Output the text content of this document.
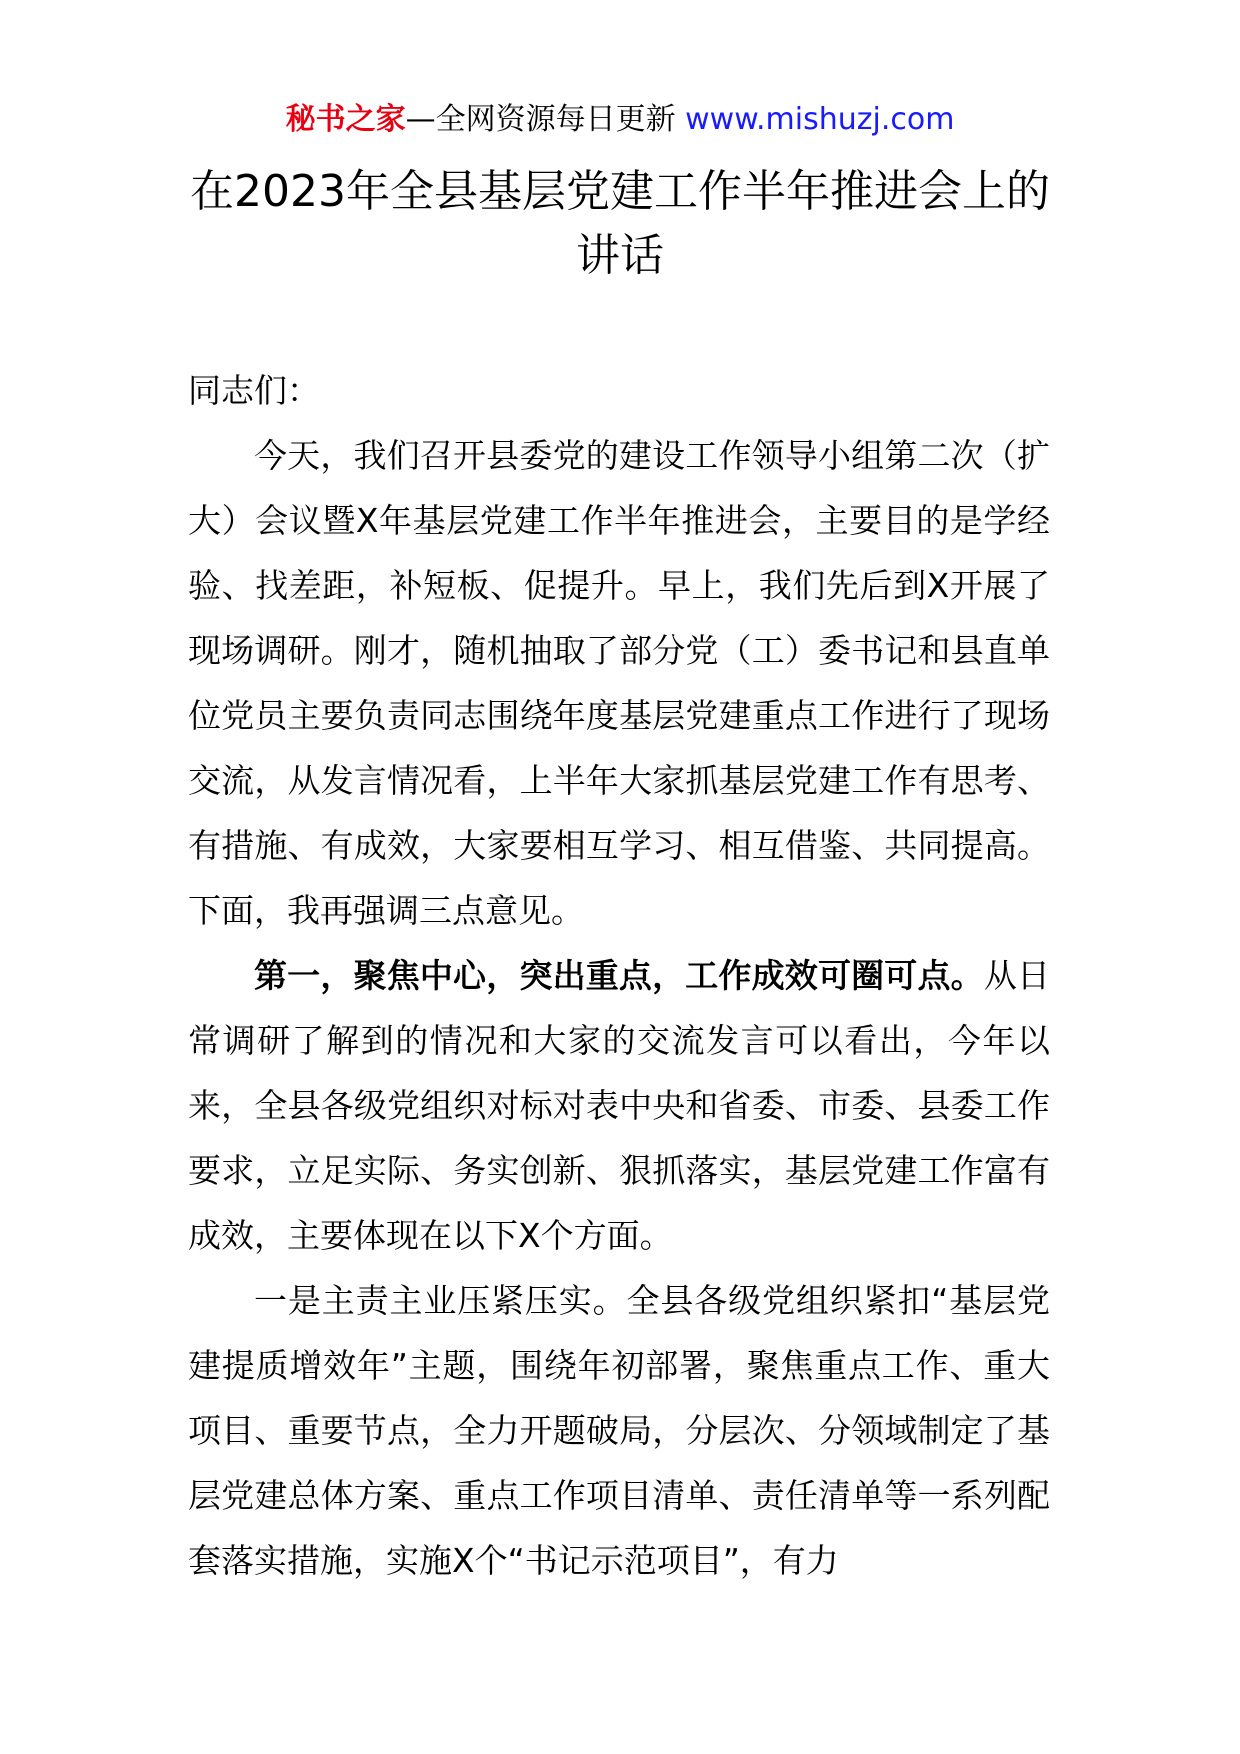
秘书之家—全网资源每日更新 www.mishuzj.com
在2023年全县基层党建工作半年推进会上的讲话

同志们：

今天，我们召开县委党的建设工作领导小组第二次（扩大）会议暨X年基层党建工作半年推进会，主要目的是学经验、找差距，补短板、促提升。早上，我们先后到X开展了现场调研。刚才，随机抽取了部分党（工）委书记和县直单位党员主要负责同志围绕年度基层党建重点工作进行了现场交流，从发言情况看，上半年大家抓基层党建工作有思考、有措施、有成效，大家要相互学习、相互借鉴、共同提高。下面，我再强调三点意见。

第一，聚焦中心，突出重点，工作成效可圈可点。从日常调研了解到的情况和大家的交流发言可以看出，今年以来，全县各级党组织对标对表中央和省委、市委、县委工作要求，立足实际、务实创新、狠抓落实，基层党建工作富有成效，主要体现在以下X个方面。

一是主责主业压紧压实。全县各级党组织紧扣“基层党建提质增效年”主题，围绕年初部署，聚焦重点工作、重大项目、重要节点，全力开题破局，分层次、分领域制定了基层党建总体方案、重点工作项目清单、责任清单等一系列配套落实措施，实施X个“书记示范项目”，有力
